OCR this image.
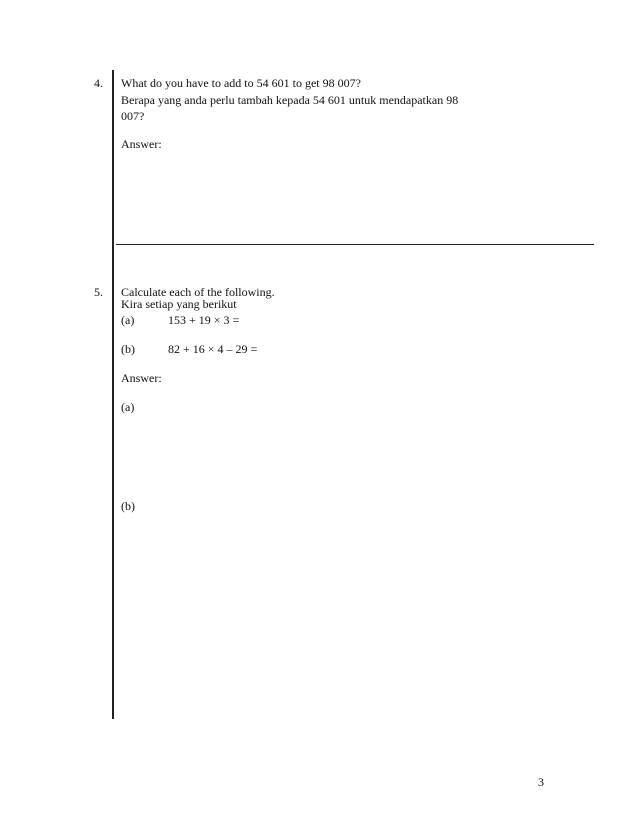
4. What do you have to add to 54 601 to get 98 007?
Berapa yang anda perlu tambah kepada 54 601 untuk mendapatkan 98
007?
Answer:
5. Calculate each of the following.
Kira setiap yang berikut
(a)	153 + 19 × 3 =
(b)	82 + 16 × 4 – 29 =
Answer:
(a)
(b)
3
